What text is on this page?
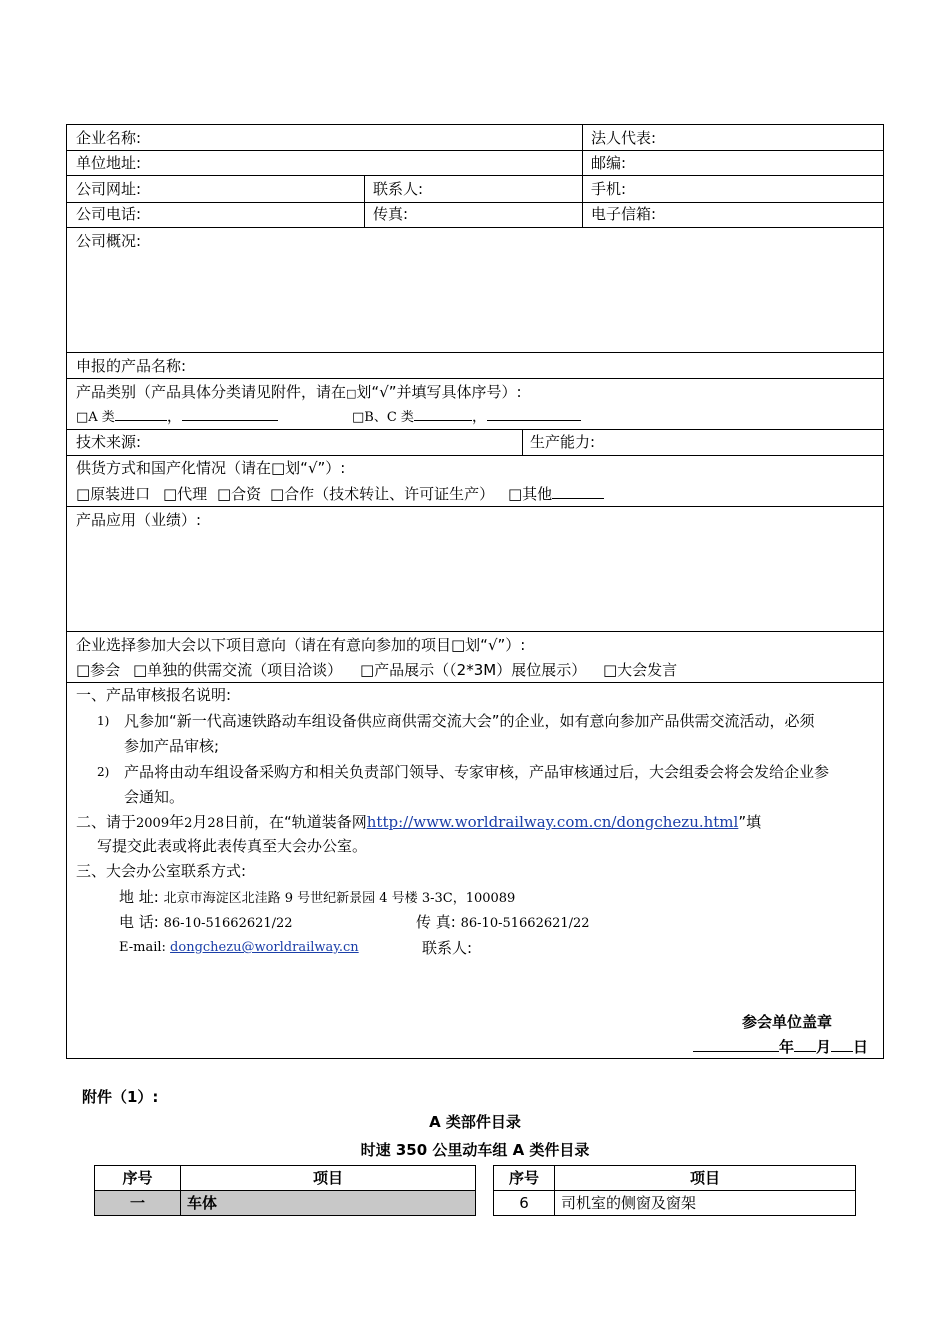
企业名称:	法人代表:
单位地址:	邮编:
公司网址:	联系人:	手机:
公司电话:	传真:	电子信箱:
公司概况:
申报的产品名称:
产品类别（产品具体分类请见附件，请在□划“√”并填写具体序号）:
□A 类	，	□B、C 类	，
技术来源:	生产能力:
供货方式和国产化情况（请在□划“√”）:
□原装进口 □代理 □合资 □合作（技术转让、许可证生产） □其他
产品应用（业绩）:
企业选择参加大会以下项目意向（请在有意向参加的项目□划“√”）:
□参会 □单独的供需交流（项目洽谈） □产品展示（（2*3M）展位展示） □大会发言
一、产品审核报名说明:
1) 凡参加“新一代高速铁路动车组设备供应商供需交流大会”的企业，如有意向参加产品供需交流活动，必须
参加产品审核;
2) 产品将由动车组设备采购方和相关负责部门领导、专家审核，产品审核通过后，大会组委会将会发给企业参
会通知。
二、请于2009年2月28日前，在“轨道装备网http://www.worldrailway.com.cn/dongchezu.html”填
写提交此表或将此表传真至大会办公室。
三、大会办公室联系方式:
地 址: 北京市海淀区北洼路 9 号世纪新景园 4 号楼 3-3C，100089
电 话: 86-10-51662621/22	传 真: 86-10-51662621/22
E-mail: dongchezu@worldrailway.cn	联系人:
参会单位盖章
年 月 日
附件（1）:
A 类部件目录
时速 350 公里动车组 A 类件目录
序号	项目
一	车体
序号	项目
6	司机室的侧窗及窗架
